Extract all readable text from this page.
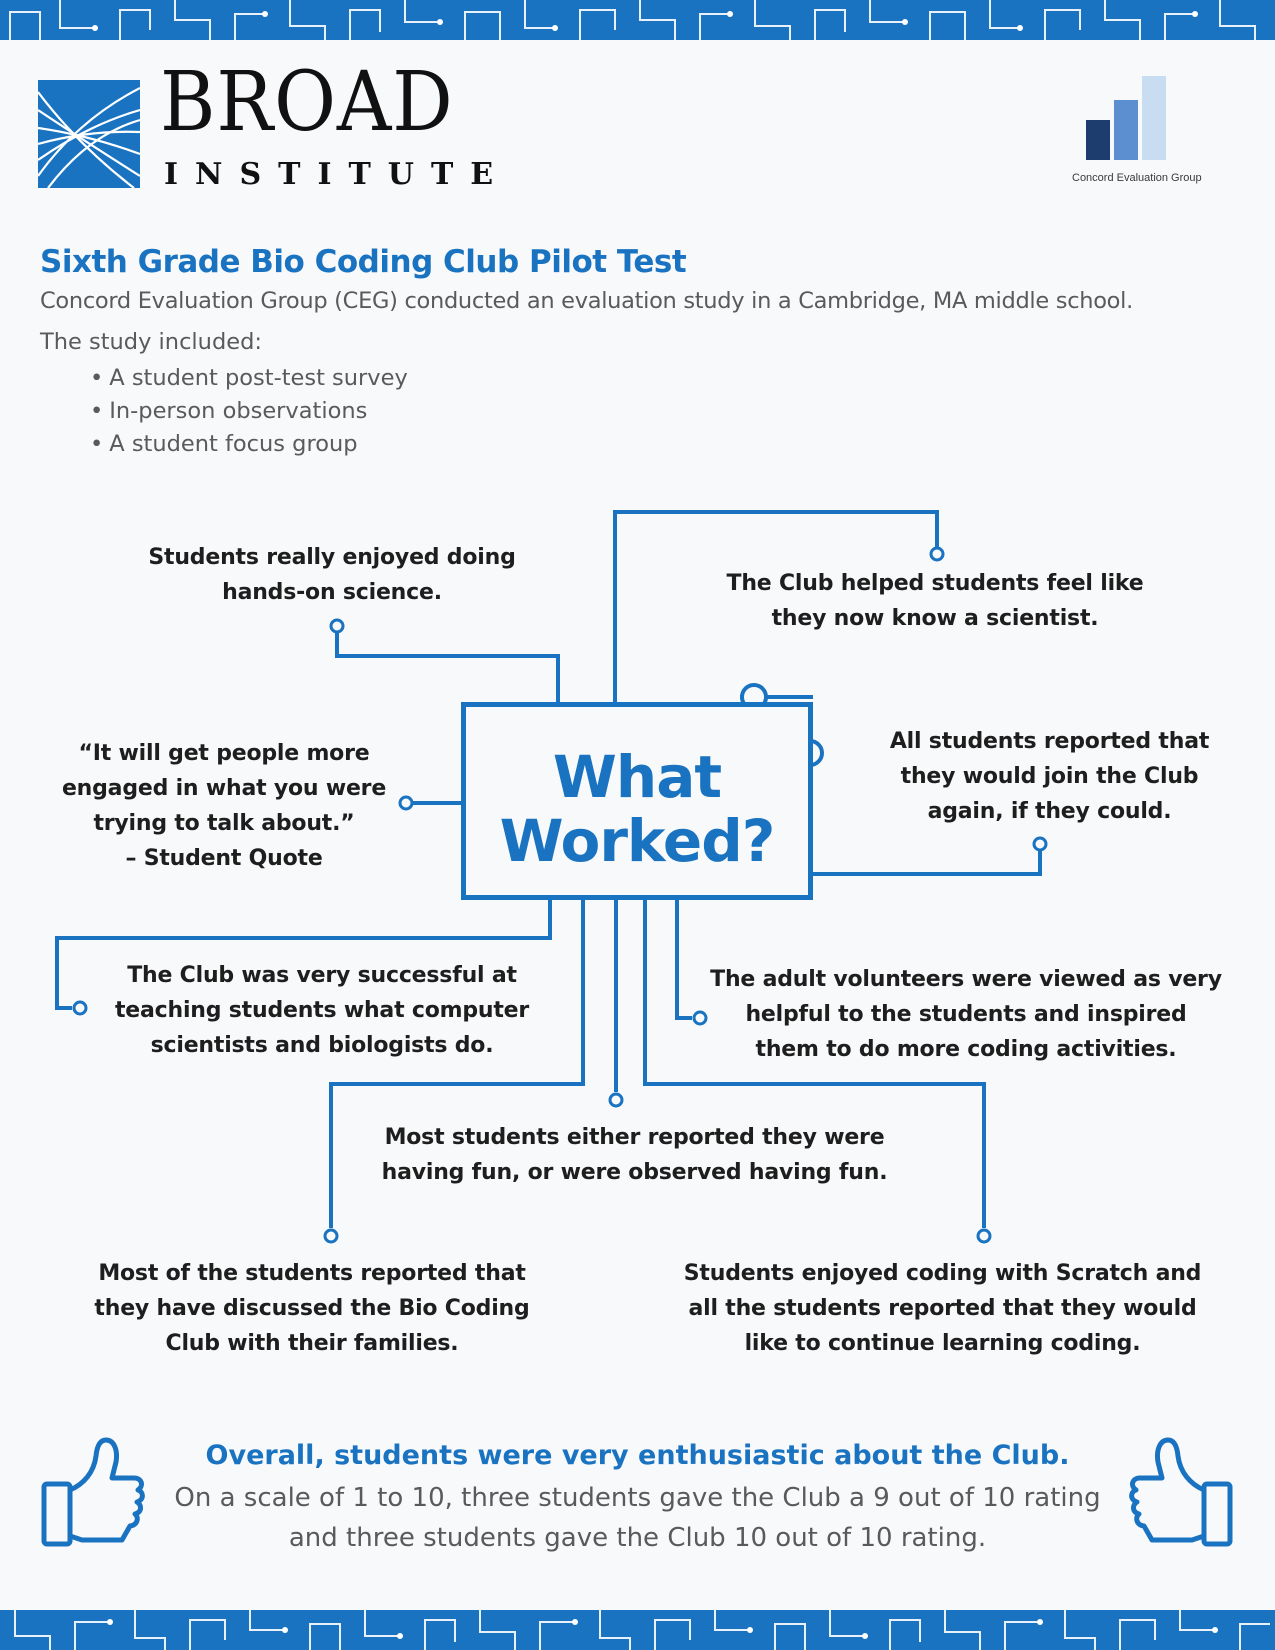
BROAD
INSTITUTE	Concord Evaluation Group
Sixth Grade Bio Coding Club Pilot Test
Concord Evaluation Group (CEG) conducted an evaluation study in a Cambridge, MA middle school.
The study included:
• A student post-test survey
• In-person observations
• A student focus group
What
Worked?
Students really enjoyed doing
hands-on science.	The Club helped students feel like
they now know a scientist.
“It will get people more
engaged in what you were
trying to talk about.”
– Student Quote
All students reported that
they would join the Club
again, if they could.
The Club was very successful at
teaching students what computer
scientists and biologists do.
The adult volunteers were viewed as very
helpful to the students and inspired
them to do more coding activities.
Most students either reported they were
having fun, or were observed having fun.
Most of the students reported that
they have discussed the Bio Coding
Club with their families.
Students enjoyed coding with Scratch and
all the students reported that they would
like to continue learning coding.
Overall, students were very enthusiastic about the Club.
On a scale of 1 to 10, three students gave the Club a 9 out of 10 rating and three students gave the Club 10 out of 10 rating.
